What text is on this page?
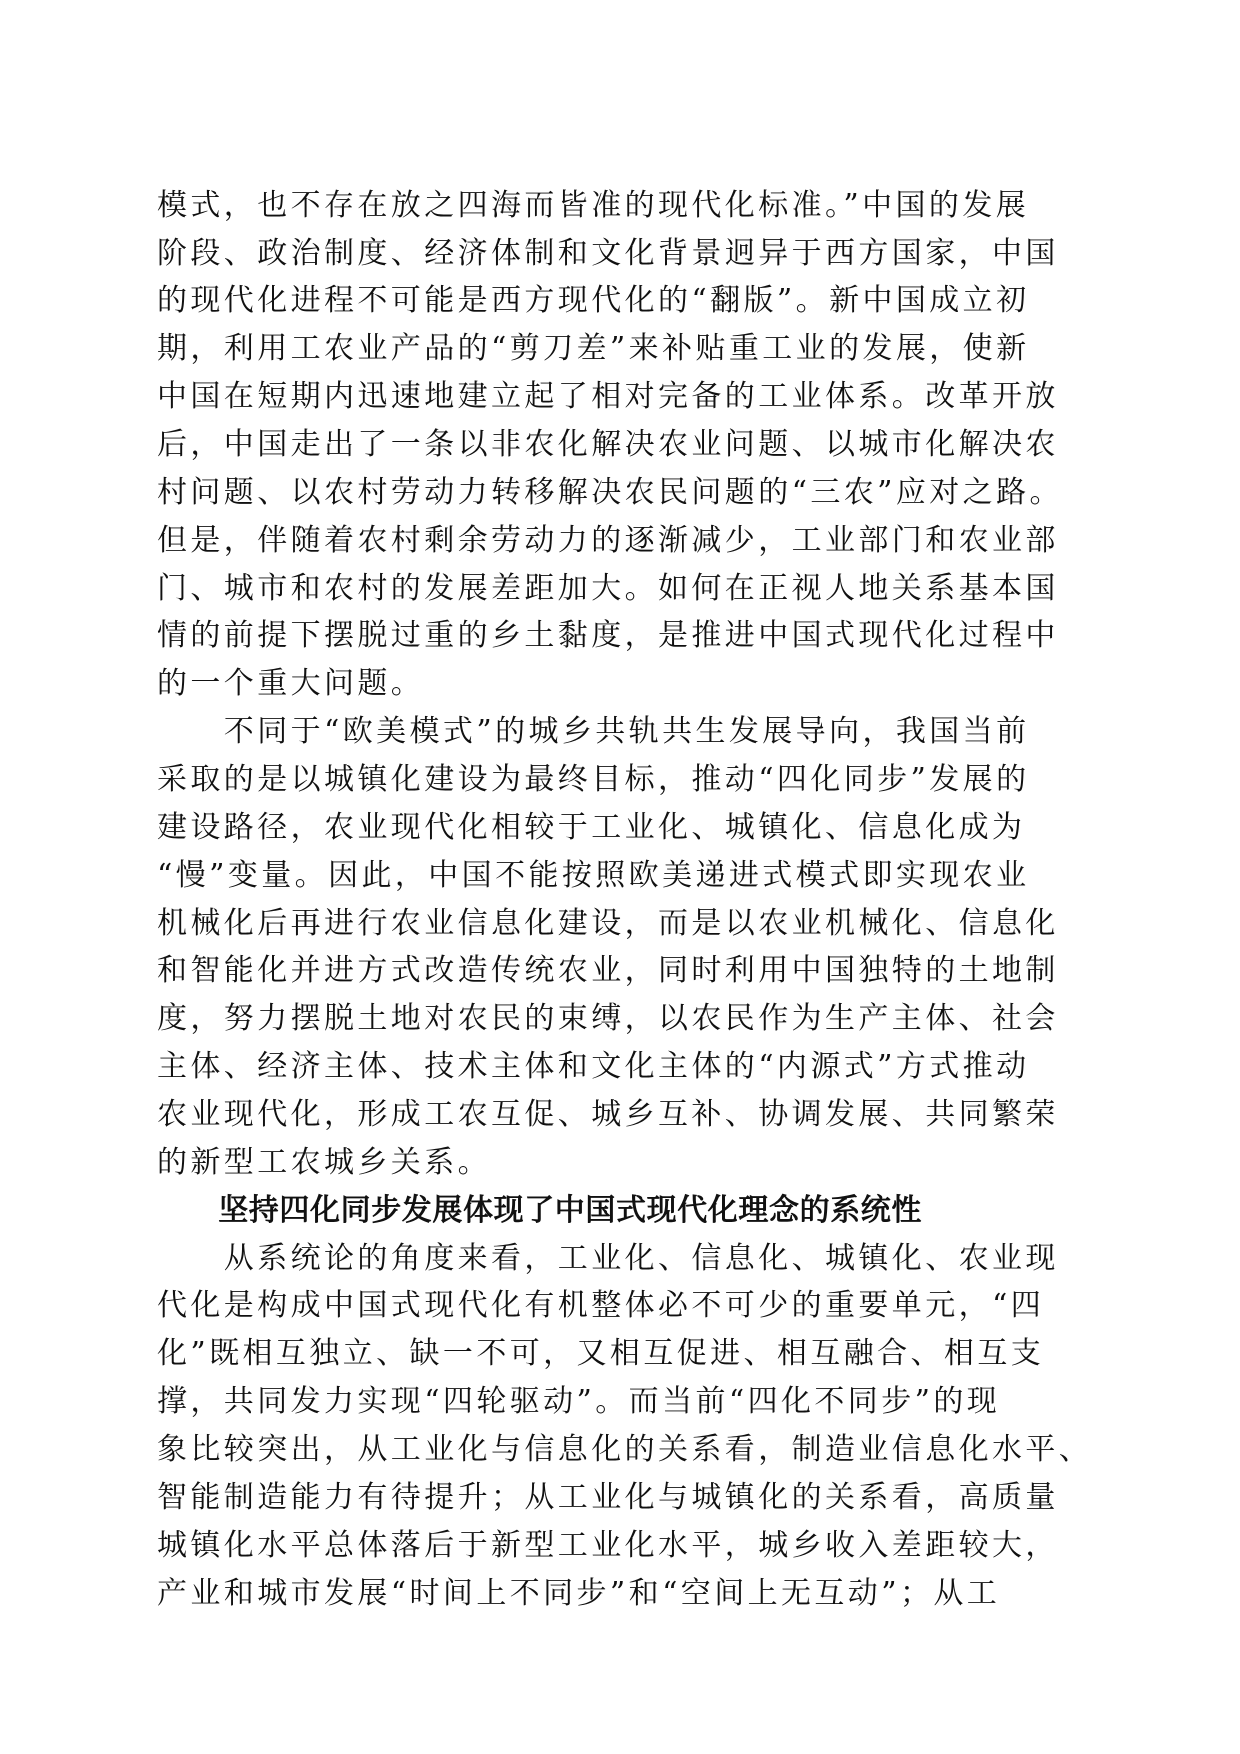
模式，也不存在放之四海而皆准的现代化标准。”中国的发展

阶段、政治制度、经济体制和文化背景迥异于西方国家，中国

的现代化进程不可能是西方现代化的“翻版”。新中国成立初

期，利用工农业产品的“剪刀差”来补贴重工业的发展，使新

中国在短期内迅速地建立起了相对完备的工业体系。改革开放

后，中国走出了一条以非农化解决农业问题、以城市化解决农

村问题、以农村劳动力转移解决农民问题的“三农”应对之路。

但是，伴随着农村剩余劳动力的逐渐减少，工业部门和农业部

门、城市和农村的发展差距加大。如何在正视人地关系基本国

情的前提下摆脱过重的乡土黏度，是推进中国式现代化过程中

的一个重大问题。

　　不同于“欧美模式”的城乡共轨共生发展导向，我国当前

采取的是以城镇化建设为最终目标，推动“四化同步”发展的

建设路径，农业现代化相较于工业化、城镇化、信息化成为

“慢”变量。因此，中国不能按照欧美递进式模式即实现农业

机械化后再进行农业信息化建设，而是以农业机械化、信息化

和智能化并进方式改造传统农业，同时利用中国独特的土地制

度，努力摆脱土地对农民的束缚，以农民作为生产主体、社会

主体、经济主体、技术主体和文化主体的“内源式”方式推动

农业现代化，形成工农互促、城乡互补、协调发展、共同繁荣

的新型工农城乡关系。

　　坚持四化同步发展体现了中国式现代化理念的系统性

　　从系统论的角度来看，工业化、信息化、城镇化、农业现

代化是构成中国式现代化有机整体必不可少的重要单元，“四

化”既相互独立、缺一不可，又相互促进、相互融合、相互支

撑，共同发力实现“四轮驱动”。而当前“四化不同步”的现

象比较突出，从工业化与信息化的关系看，制造业信息化水平、

智能制造能力有待提升；从工业化与城镇化的关系看，高质量

城镇化水平总体落后于新型工业化水平，城乡收入差距较大，

产业和城市发展“时间上不同步”和“空间上无互动”；从工
